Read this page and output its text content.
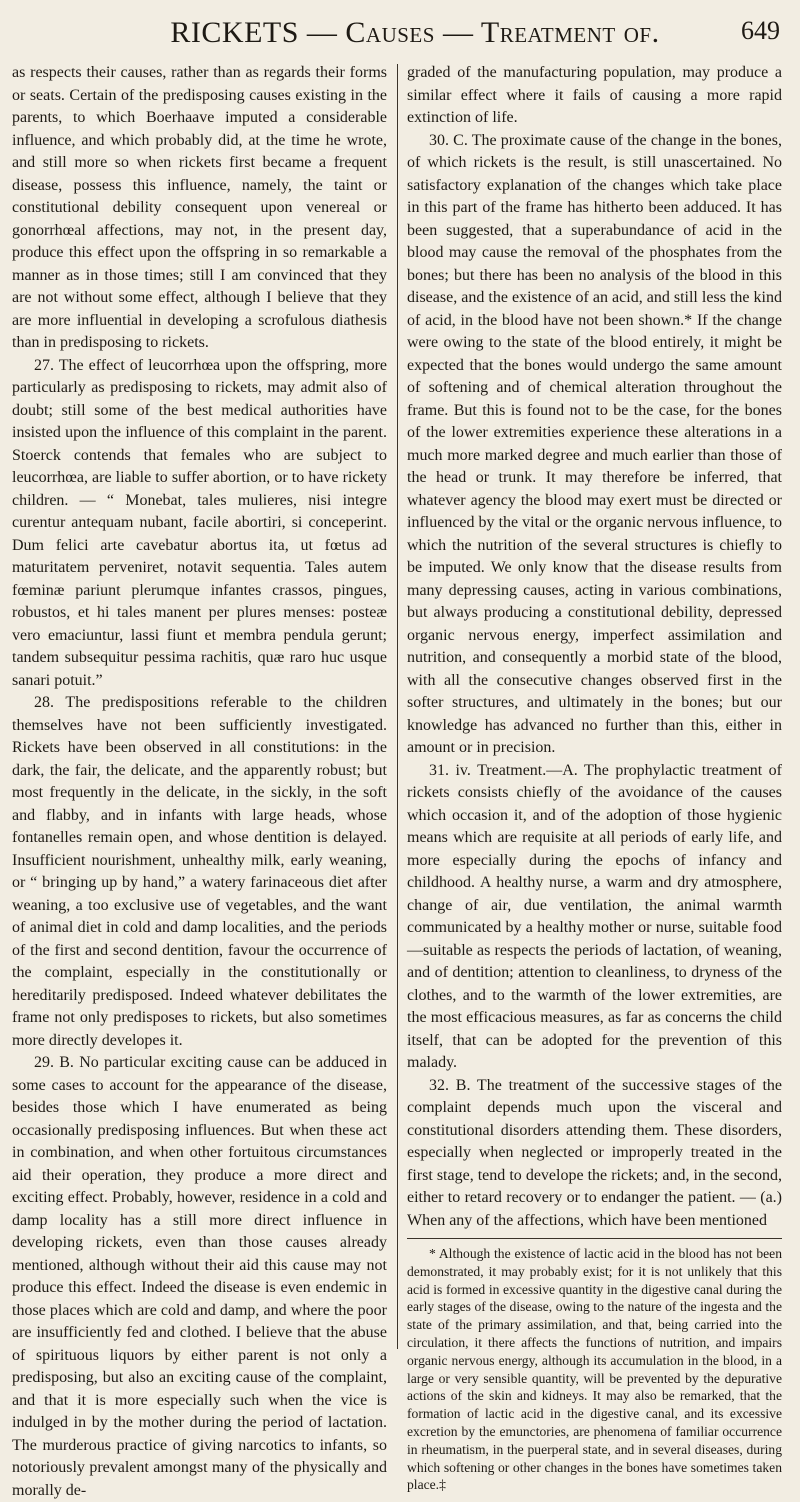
RICKETS — Causes — Treatment of.	649

as respects their causes, rather than as regards their forms or seats. Certain of the predisposing causes existing in the parents, to which Boerhaave imputed a considerable influence, and which probably did, at the time he wrote, and still more so when rickets first became a frequent disease, possess this influence, namely, the taint or constitutional debility consequent upon venereal or gonorrhœal affections, may not, in the present day, produce this effect upon the offspring in so remarkable a manner as in those times; still I am convinced that they are not without some effect, although I believe that they are more influential in developing a scrofulous diathesis than in predisposing to rickets.

27. The effect of leucorrhœa upon the offspring, more particularly as predisposing to rickets, may admit also of doubt; still some of the best medical authorities have insisted upon the influence of this complaint in the parent. Stoerck contends that females who are subject to leucorrhœa, are liable to suffer abortion, or to have rickety children. — “ Monebat, tales mulieres, nisi integre curentur antequam nubant, facile abortiri, si conceperint. Dum felici arte cavebatur abortus ita, ut fœtus ad maturitatem perveniret, notavit sequentia. Tales autem fœminæ pariunt plerumque infantes crassos, pingues, robustos, et hi tales manent per plures menses: posteæ vero emaciuntur, lassi fiunt et membra pendula gerunt; tandem subsequitur pessima rachitis, quæ raro huc usque sanari potuit.”

28. The predispositions referable to the children themselves have not been sufficiently investigated. Rickets have been observed in all constitutions: in the dark, the fair, the delicate, and the apparently robust; but most frequently in the delicate, in the sickly, in the soft and flabby, and in infants with large heads, whose fontanelles remain open, and whose dentition is delayed. Insufficient nourishment, unhealthy milk, early weaning, or “ bringing up by hand,” a watery farinaceous diet after weaning, a too exclusive use of vegetables, and the want of animal diet in cold and damp localities, and the periods of the first and second dentition, favour the occurrence of the complaint, especially in the constitutionally or hereditarily predisposed. Indeed whatever debilitates the frame not only predisposes to rickets, but also sometimes more directly developes it.

29. B. No particular exciting cause can be adduced in some cases to account for the appearance of the disease, besides those which I have enumerated as being occasionally predisposing influences. But when these act in combination, and when other fortuitous circumstances aid their operation, they produce a more direct and exciting effect. Probably, however, residence in a cold and damp locality has a still more direct influence in developing rickets, even than those causes already mentioned, although without their aid this cause may not produce this effect. Indeed the disease is even endemic in those places which are cold and damp, and where the poor are insufficiently fed and clothed. I believe that the abuse of spirituous liquors by either parent is not only a predisposing, but also an exciting cause of the complaint, and that it is more especially such when the vice is indulged in by the mother during the period of lactation. The murderous practice of giving narcotics to infants, so notoriously prevalent amongst many of the physically and morally de-

graded of the manufacturing population, may produce a similar effect where it fails of causing a more rapid extinction of life.

30. C. The proximate cause of the change in the bones, of which rickets is the result, is still unascertained. No satisfactory explanation of the changes which take place in this part of the frame has hitherto been adduced. It has been suggested, that a superabundance of acid in the blood may cause the removal of the phosphates from the bones; but there has been no analysis of the blood in this disease, and the existence of an acid, and still less the kind of acid, in the blood have not been shown.* If the change were owing to the state of the blood entirely, it might be expected that the bones would undergo the same amount of softening and of chemical alteration throughout the frame. But this is found not to be the case, for the bones of the lower extremities experience these alterations in a much more marked degree and much earlier than those of the head or trunk. It may therefore be inferred, that whatever agency the blood may exert must be directed or influenced by the vital or the organic nervous influence, to which the nutrition of the several structures is chiefly to be imputed. We only know that the disease results from many depressing causes, acting in various combinations, but always producing a constitutional debility, depressed organic nervous energy, imperfect assimilation and nutrition, and consequently a morbid state of the blood, with all the consecutive changes observed first in the softer structures, and ultimately in the bones; but our knowledge has advanced no further than this, either in amount or in precision.

31. iv. Treatment.—A. The prophylactic treatment of rickets consists chiefly of the avoidance of the causes which occasion it, and of the adoption of those hygienic means which are requisite at all periods of early life, and more especially during the epochs of infancy and childhood. A healthy nurse, a warm and dry atmosphere, change of air, due ventilation, the animal warmth communicated by a healthy mother or nurse, suitable food—suitable as respects the periods of lactation, of weaning, and of dentition; attention to cleanliness, to dryness of the clothes, and to the warmth of the lower extremities, are the most efficacious measures, as far as concerns the child itself, that can be adopted for the prevention of this malady.

32. B. The treatment of the successive stages of the complaint depends much upon the visceral and constitutional disorders attending them. These disorders, especially when neglected or improperly treated in the first stage, tend to develope the rickets; and, in the second, either to retard recovery or to endanger the patient. — (a.) When any of the affections, which have been mentioned

* Although the existence of lactic acid in the blood has not been demonstrated, it may probably exist; for it is not unlikely that this acid is formed in excessive quantity in the digestive canal during the early stages of the disease, owing to the nature of the ingesta and the state of the primary assimilation, and that, being carried into the circulation, it there affects the functions of nutrition, and impairs organic nervous energy, although its accumulation in the blood, in a large or very sensible quantity, will be prevented by the depurative actions of the skin and kidneys. It may also be remarked, that the formation of lactic acid in the digestive canal, and its excessive excretion by the emunctories, are phenomena of familiar occurrence in rheumatism, in the puerperal state, and in several diseases, during which softening or other changes in the bones have sometimes taken place.‡
